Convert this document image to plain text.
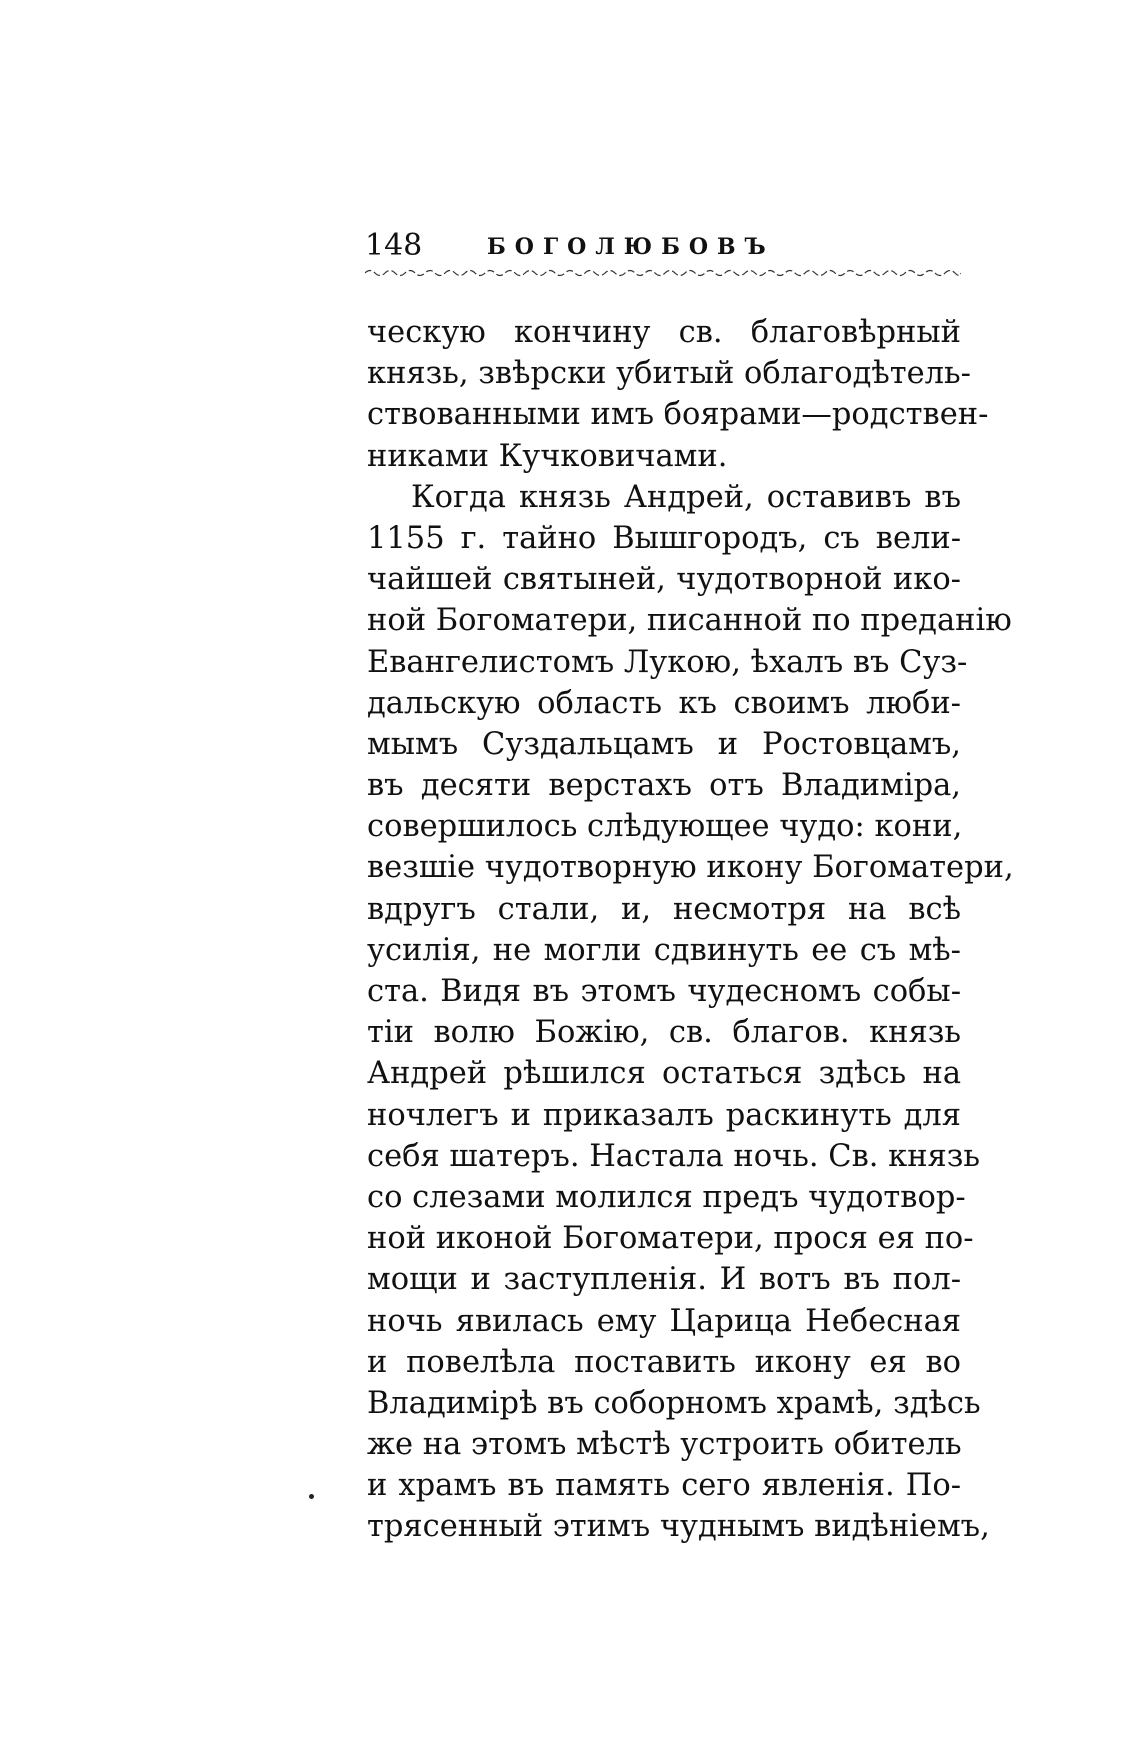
148	БОГОЛЮБОВЪ
ческую кончину св. благовѣрный
князь, звѣрски убитый облагодѣтель-
ствованными имъ боярами—родствен-
никами Кучковичами.
Когда князь Андрей, оставивъ въ
1155 г. тайно Вышгородъ, съ вели-
чайшей святыней, чудотворной ико-
ной Богоматери, писанной по преданію
Евангелистомъ Лукою, ѣхалъ въ Суз-
дальскую область къ своимъ люби-
мымъ Суздальцамъ и Ростовцамъ,
въ десяти верстахъ отъ Владиміра,
совершилось слѣдующее чудо: кони,
везшіе чудотворную икону Богоматери,
вдругъ стали, и, несмотря на всѣ
усилія, не могли сдвинуть ее съ мѣ-
ста. Видя въ этомъ чудесномъ собы-
тіи волю Божію, св. благов. князь
Андрей рѣшился остаться здѣсь на
ночлегъ и приказалъ раскинуть для
себя шатеръ. Настала ночь. Св. князь
со слезами молился предъ чудотвор-
ной иконой Богоматери, прося ея по-
мощи и заступленія. И вотъ въ пол-
ночь явилась ему Царица Небесная
и повелѣла поставить икону ея во
Владимірѣ въ соборномъ храмѣ, здѣсь
же на этомъ мѣстѣ устроить обитель
и храмъ въ память сего явленія. По-
трясенный этимъ чуднымъ видѣніемъ,
